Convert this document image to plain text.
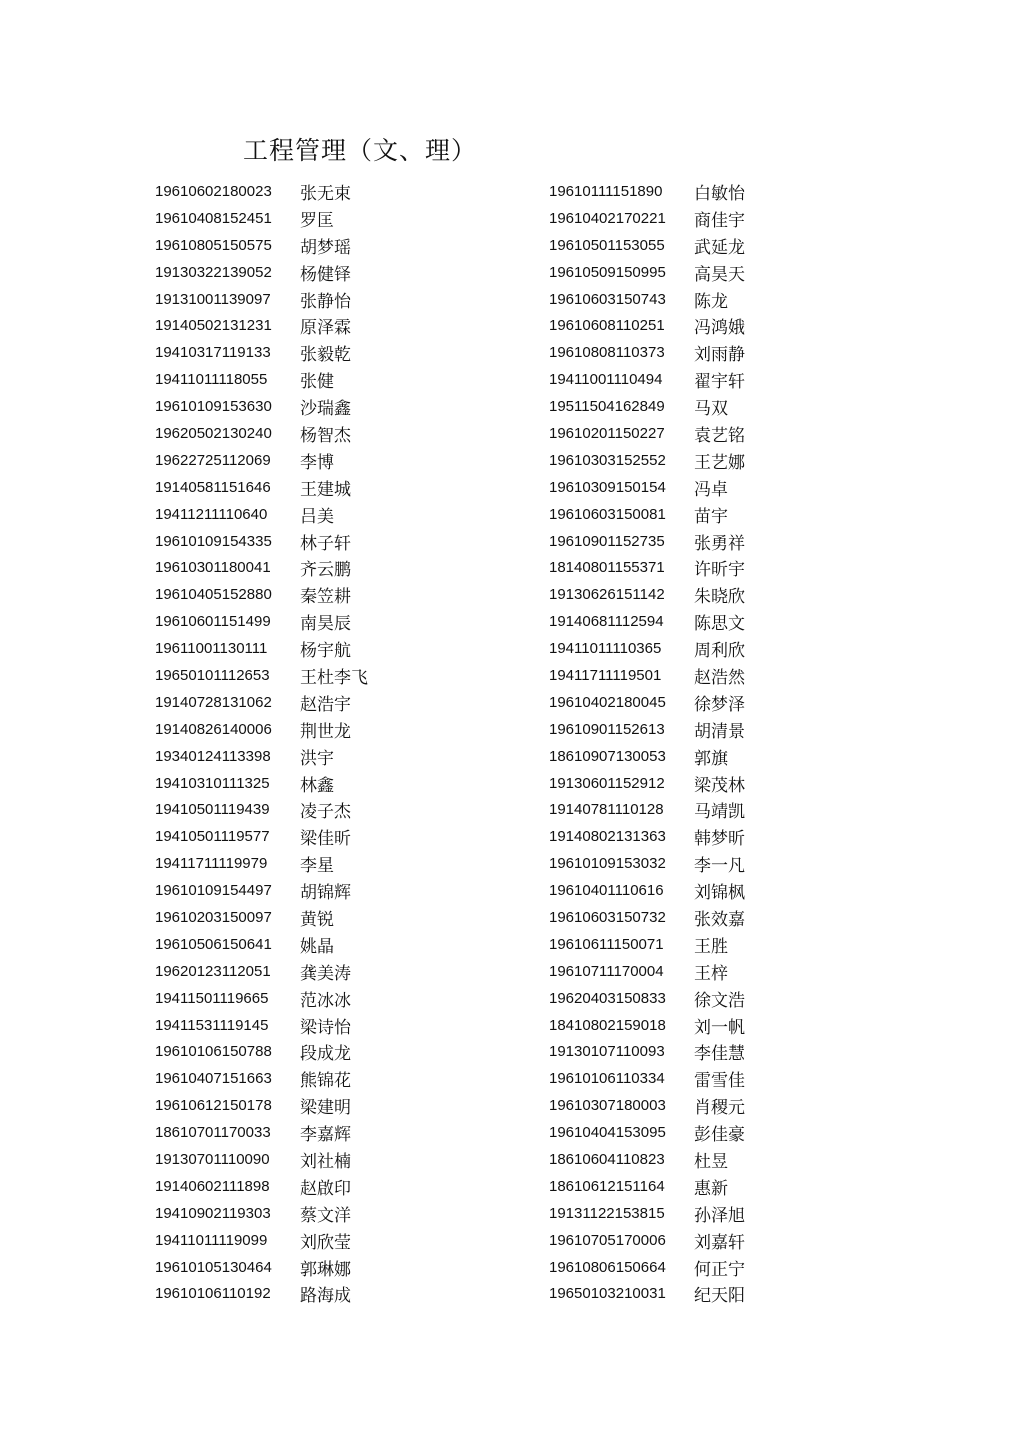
工程管理（文、理）
19610602180023	张无束
19610408152451	罗匡
19610805150575	胡梦瑶
19130322139052	杨健铎
19131001139097	张静怡
19140502131231	原泽霖
19410317119133	张毅乾
19411011118055	张健
19610109153630	沙瑞鑫
19620502130240	杨智杰
19622725112069	李博
19140581151646	王建城
19411211110640	吕美
19610109154335	林子轩
19610301180041	齐云鹏
19610405152880	秦笠耕
19610601151499	南昊辰
19611001130111	杨宇航
19650101112653	王杜李飞
19140728131062	赵浩宇
19140826140006	荆世龙
19340124113398	洪宇
19410310111325	林鑫
19410501119439	凌子杰
19410501119577	梁佳昕
19411711119979	李星
19610109154497	胡锦辉
19610203150097	黄锐
19610506150641	姚晶
19620123112051	龚美涛
19411501119665	范冰冰
19411531119145	梁诗怡
19610106150788	段成龙
19610407151663	熊锦花
19610612150178	梁建明
18610701170033	李嘉辉
19130701110090	刘社楠
19140602111898	赵啟印
19410902119303	蔡文洋
19411011119099	刘欣莹
19610105130464	郭琳娜
19610106110192	路海成
19610111151890	白敏怡
19610402170221	商佳宇
19610501153055	武延龙
19610509150995	高昊天
19610603150743	陈龙
19610608110251	冯鸿娥
19610808110373	刘雨静
19411001110494	翟宇轩
19511504162849	马双
19610201150227	袁艺铭
19610303152552	王艺娜
19610309150154	冯卓
19610603150081	苗宇
19610901152735	张勇祥
18140801155371	许昕宇
19130626151142	朱晓欣
19140681112594	陈思文
19411011110365	周利欣
19411711119501	赵浩然
19610402180045	徐梦泽
19610901152613	胡清景
18610907130053	郭旗
19130601152912	梁茂林
19140781110128	马靖凯
19140802131363	韩梦昕
19610109153032	李一凡
19610401110616	刘锦枫
19610603150732	张效嘉
19610611150071	王胜
19610711170004	王梓
19620403150833	徐文浩
18410802159018	刘一帆
19130107110093	李佳慧
19610106110334	雷雪佳
19610307180003	肖稷元
19610404153095	彭佳豪
18610604110823	杜昱
18610612151164	惠新
19131122153815	孙泽旭
19610705170006	刘嘉轩
19610806150664	何正宁
19650103210031	纪天阳
